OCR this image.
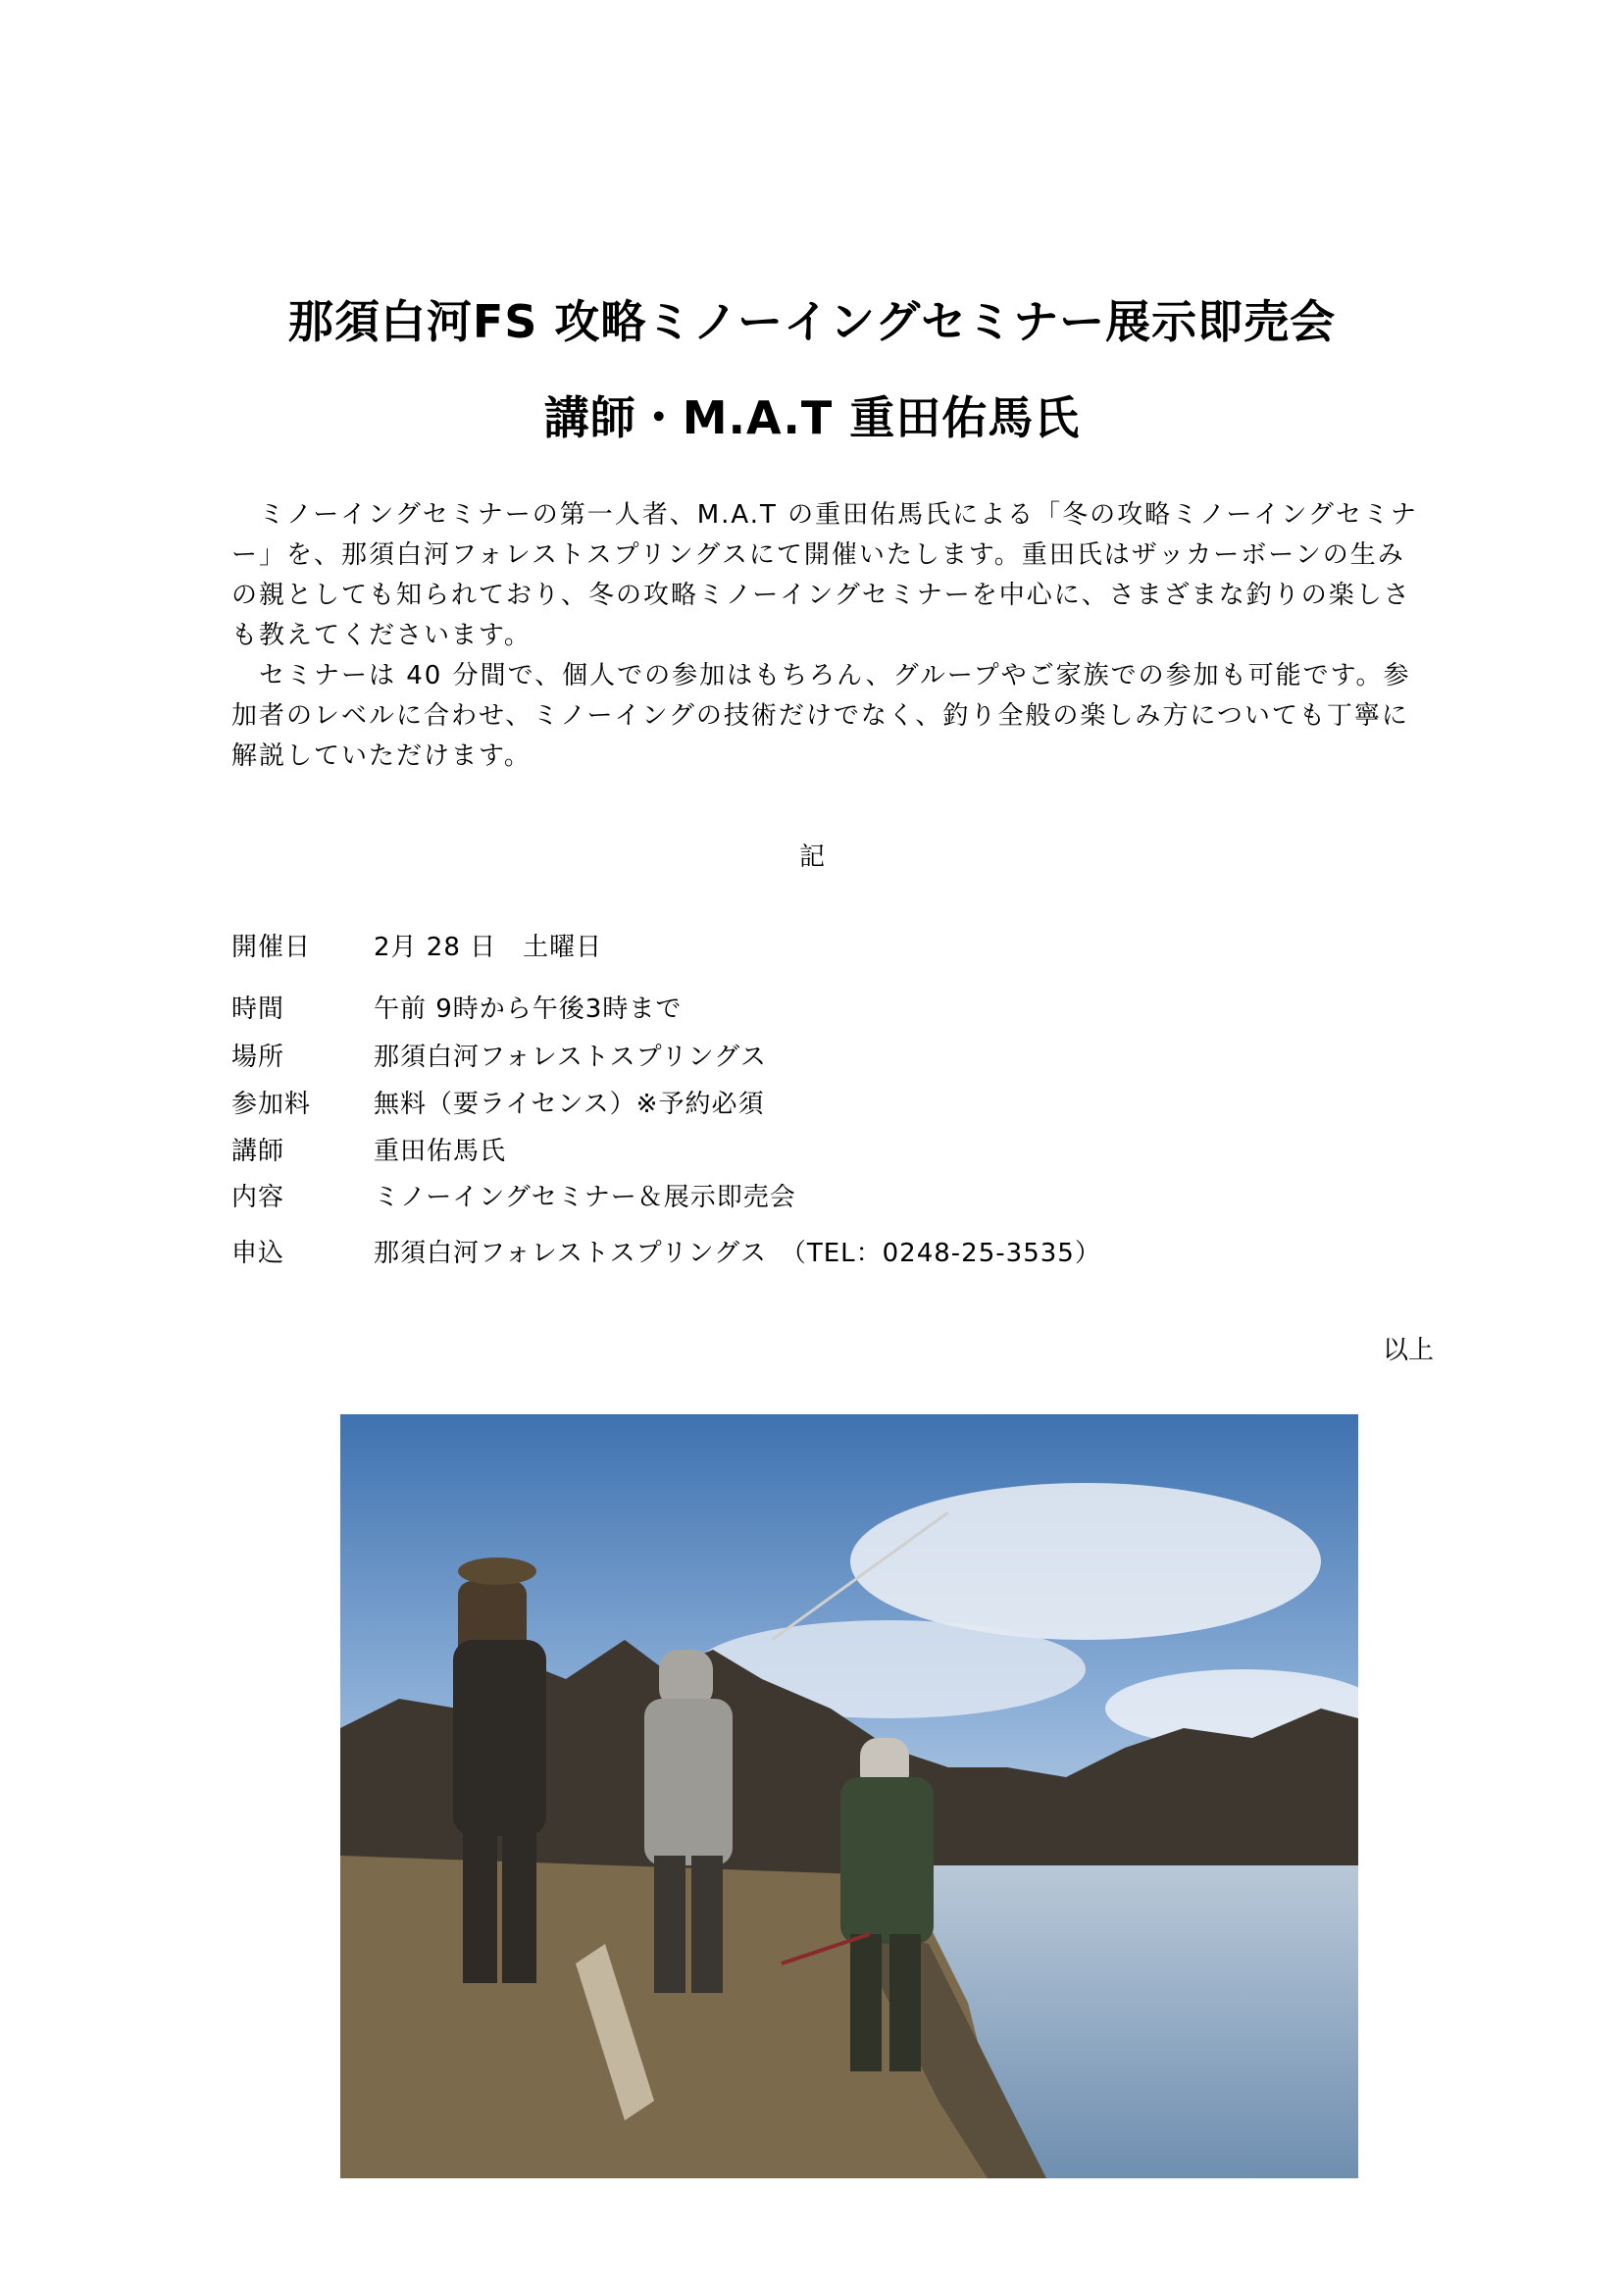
那須白河FS 攻略ミノーイングセミナー展示即売会
講師・M.A.T 重田佑馬氏
　ミノーイングセミナーの第一人者、M.A.T の重田佑馬氏による「冬の攻略ミノーイングセミナー」を、那須白河フォレストスプリングスにて開催いたします。重田氏はザッカーボーンの生みの親としても知られており、冬の攻略ミノーイングセミナーを中心に、さまざまな釣りの楽しさも教えてくださいます。
　セミナーは 40 分間で、個人での参加はもちろん、グループやご家族での参加も可能です。参加者のレベルに合わせ、ミノーイングの技術だけでなく、釣り全般の楽しみ方についても丁寧に解説していただけます。
記
開催日 2月 28 日　土曜日
時間	午前 9時から午後3時まで
場所	那須白河フォレストスプリングス
参加料 無料（要ライセンス）※予約必須
講師	重田佑馬氏
内容	ミノーイングセミナー＆展示即売会
申込	那須白河フォレストスプリングス　（TEL：0248-25-3535）
以上
